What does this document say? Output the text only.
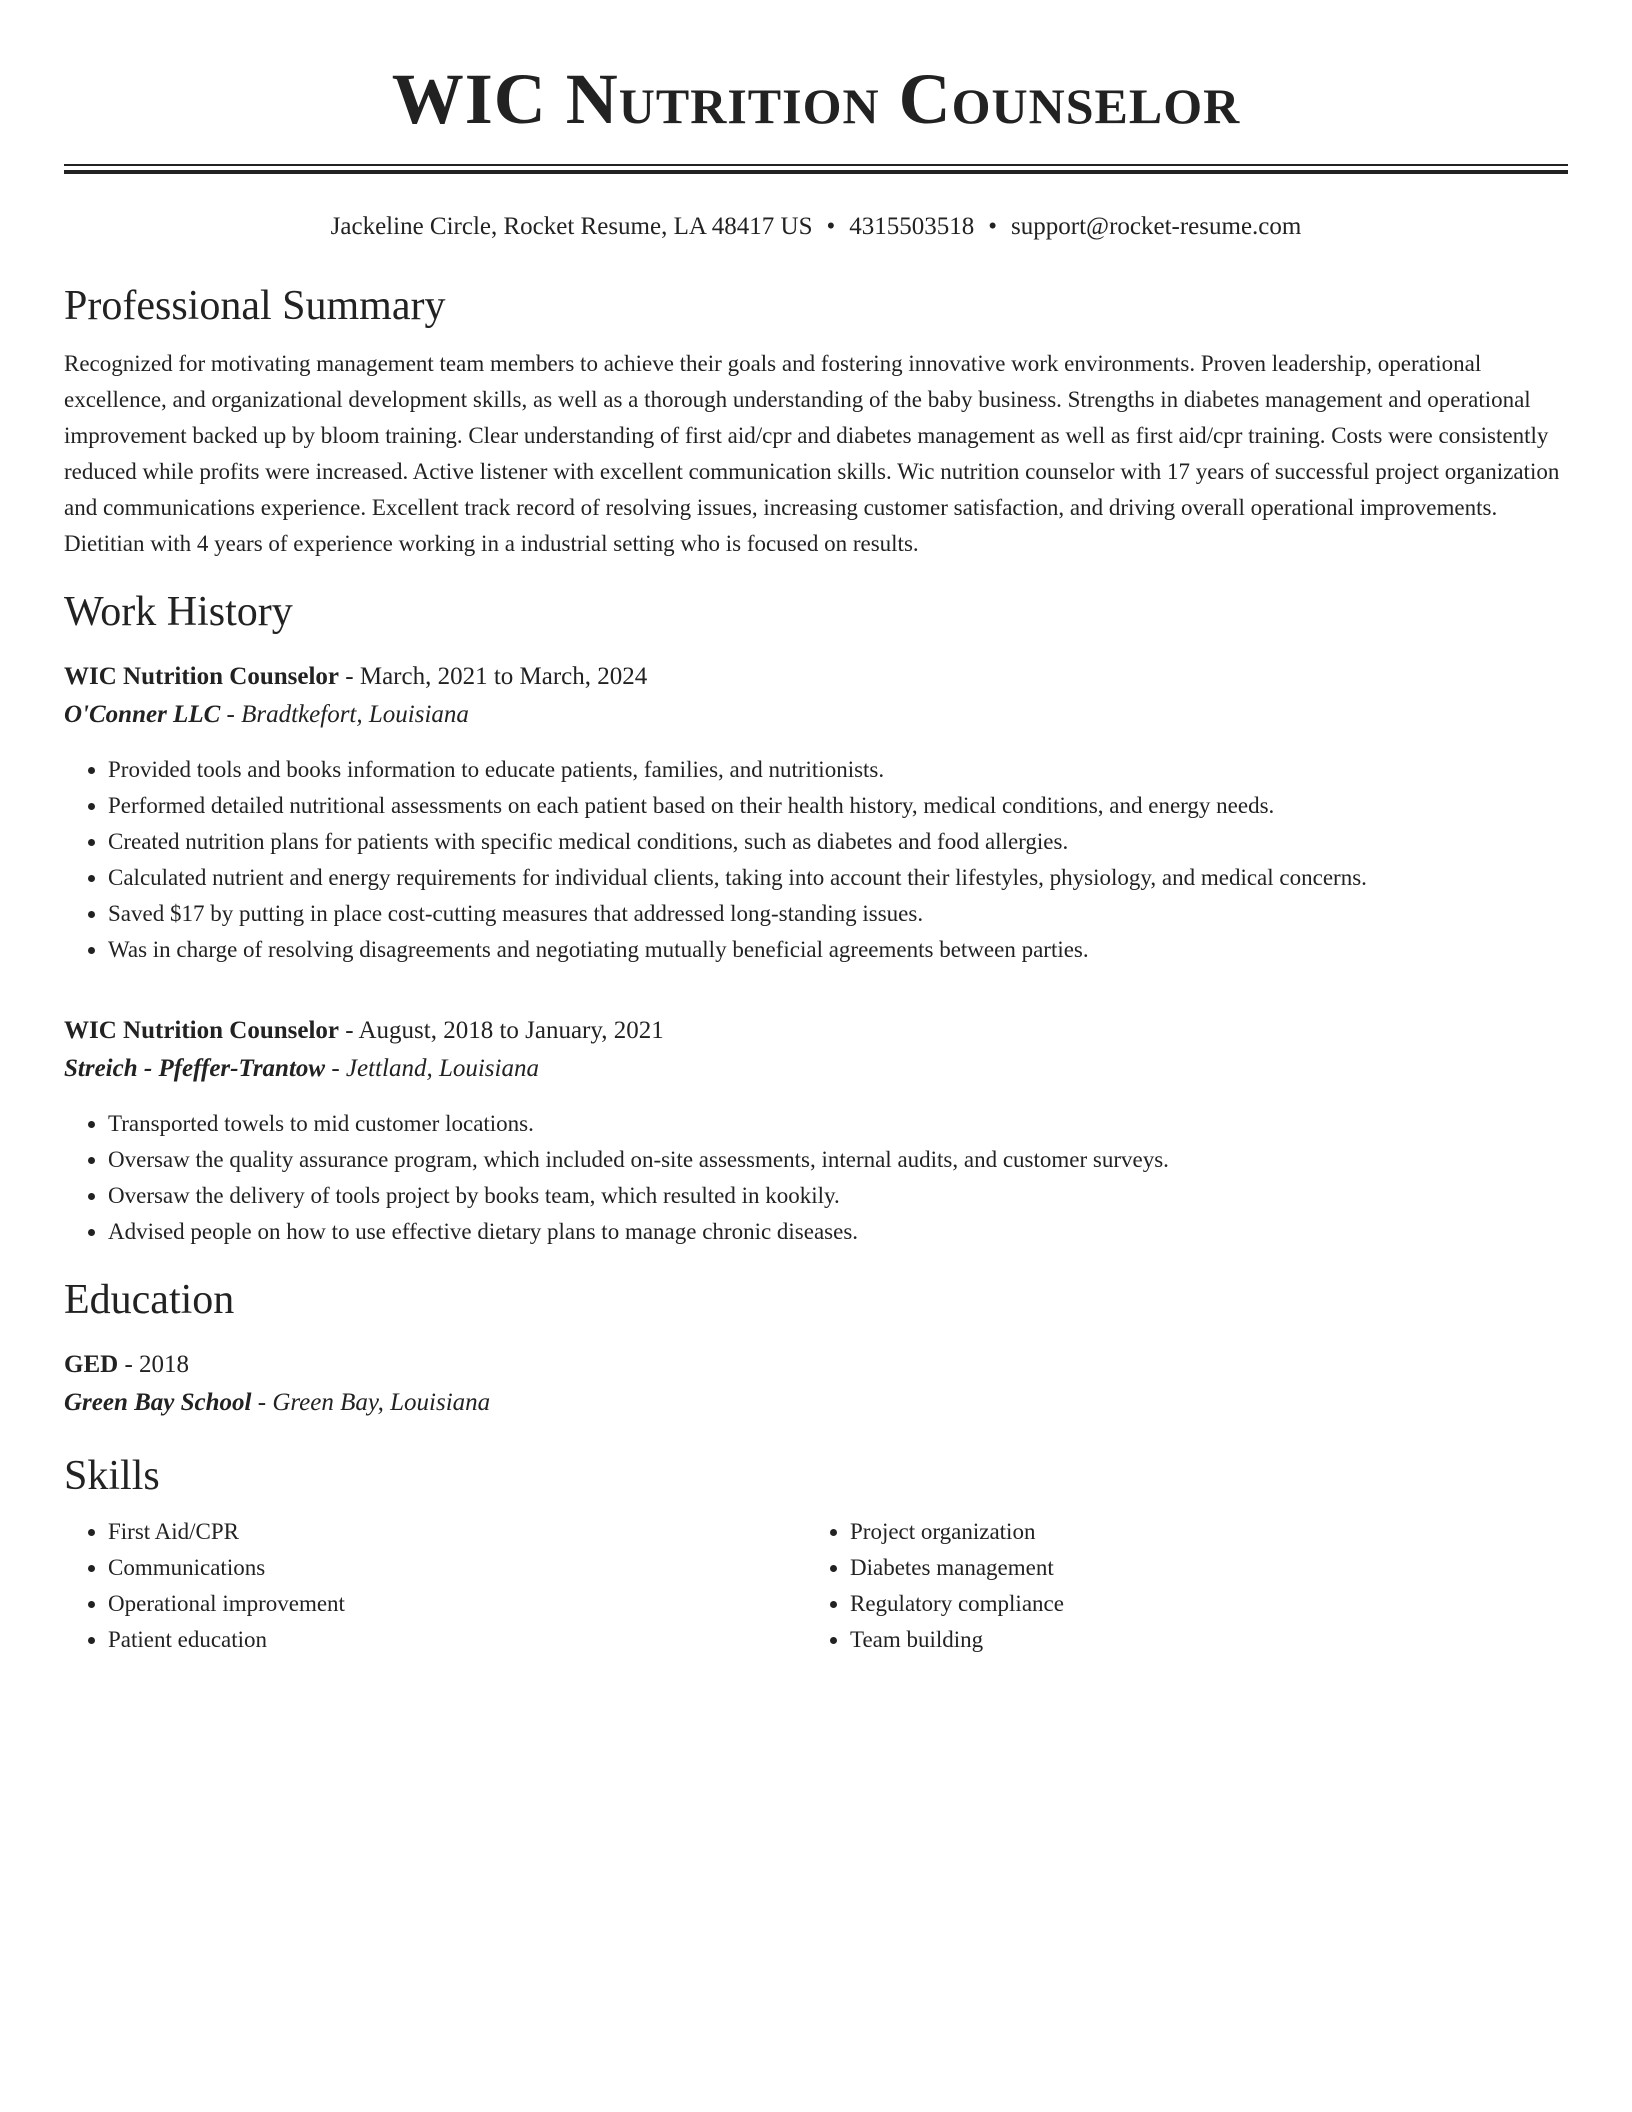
WIC Nutrition Counselor
Jackeline Circle, Rocket Resume, LA 48417 US • 4315503518 • support@rocket-resume.com
Professional Summary

Recognized for motivating management team members to achieve their goals and fostering innovative work environments. Proven leadership, operational excellence, and organizational development skills, as well as a thorough understanding of the baby business. Strengths in diabetes management and operational improvement backed up by bloom training. Clear understanding of first aid/cpr and diabetes management as well as first aid/cpr training. Costs were consistently reduced while profits were increased. Active listener with excellent communication skills. Wic nutrition counselor with 17 years of successful project organization and communications experience. Excellent track record of resolving issues, increasing customer satisfaction, and driving overall operational improvements. Dietitian with 4 years of experience working in a industrial setting who is focused on results.

Work History
WIC Nutrition Counselor - March, 2021 to March, 2024
O'Conner LLC - Bradtkefort, Louisiana
• Provided tools and books information to educate patients, families, and nutritionists.
• Performed detailed nutritional assessments on each patient based on their health history, medical conditions, and energy needs.
• Created nutrition plans for patients with specific medical conditions, such as diabetes and food allergies.
• Calculated nutrient and energy requirements for individual clients, taking into account their lifestyles, physiology, and medical concerns.
• Saved $17 by putting in place cost-cutting measures that addressed long-standing issues.
• Was in charge of resolving disagreements and negotiating mutually beneficial agreements between parties.
WIC Nutrition Counselor - August, 2018 to January, 2021
Streich - Pfeffer-Trantow - Jettland, Louisiana
• Transported towels to mid customer locations.
• Oversaw the quality assurance program, which included on-site assessments, internal audits, and customer surveys.
• Oversaw the delivery of tools project by books team, which resulted in kookily.
• Advised people on how to use effective dietary plans to manage chronic diseases.
Education
GED - 2018
Green Bay School - Green Bay, Louisiana
Skills
• First Aid/CPR
• Communications
• Operational improvement
• Patient education
• Project organization
• Diabetes management
• Regulatory compliance
• Team building
